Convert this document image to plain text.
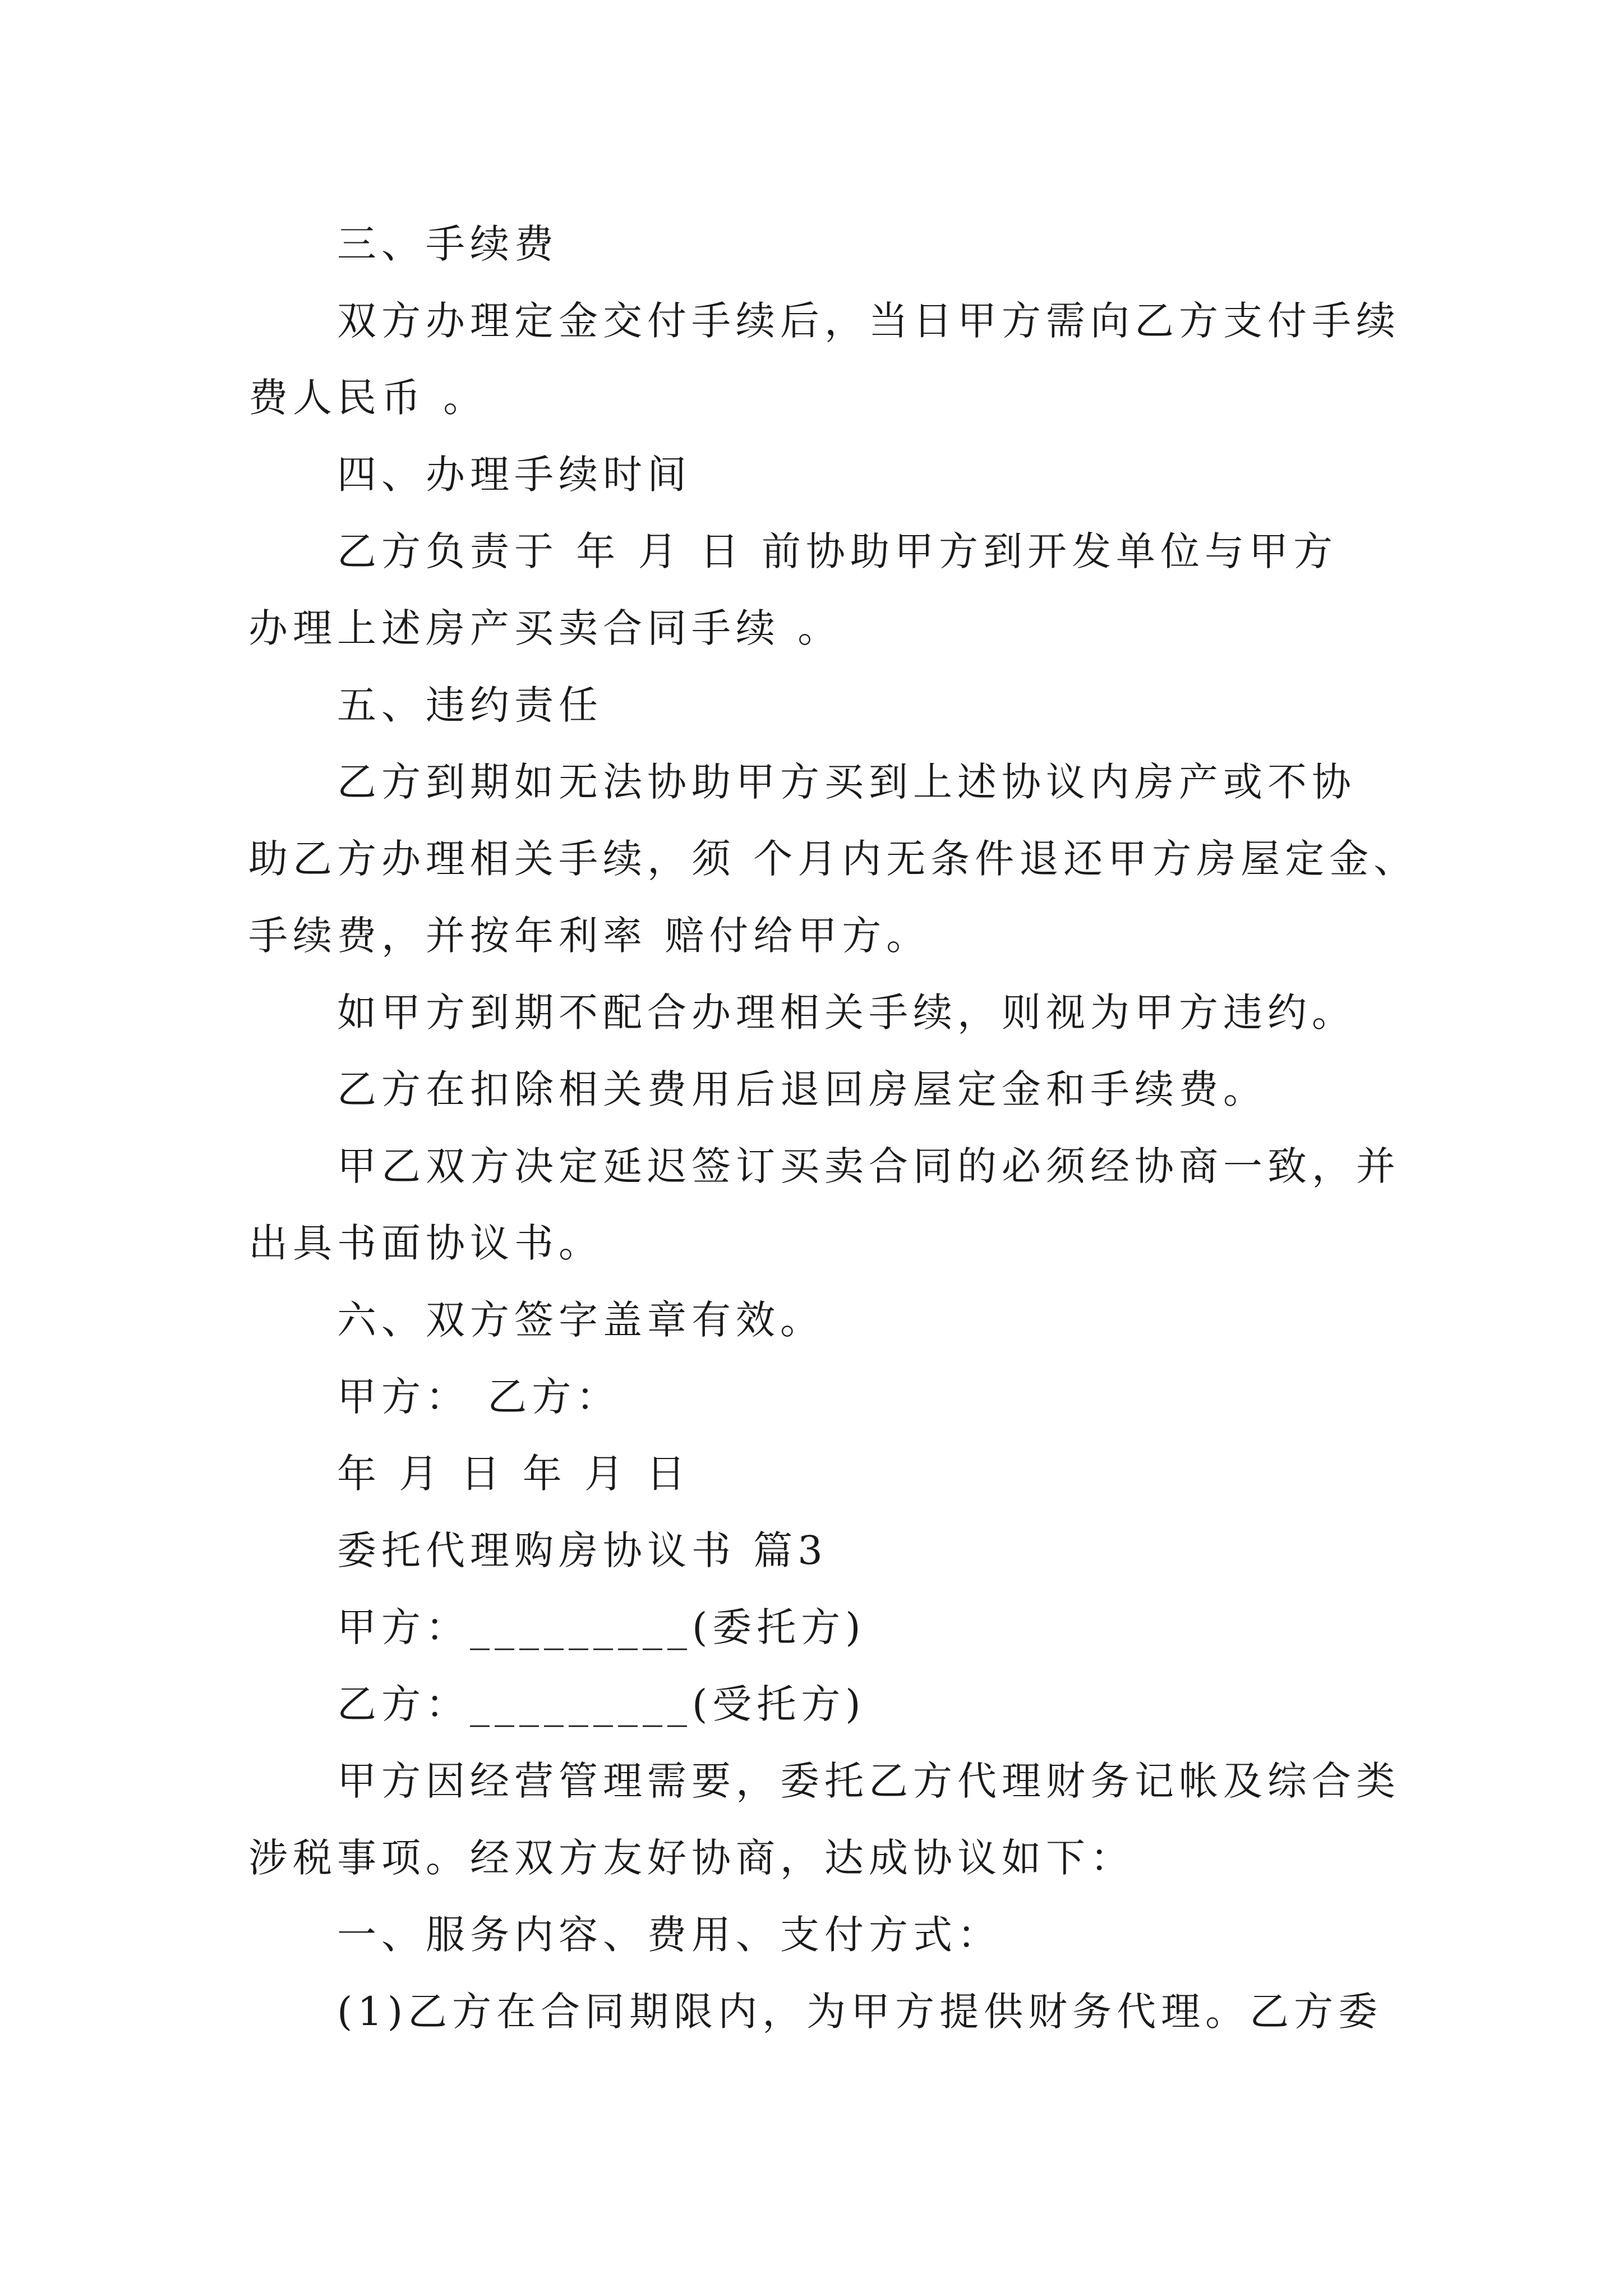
三、手续费
双方办理定金交付手续后，当日甲方需向乙方支付手续
费人民币 。
四、办理手续时间
乙方负责于 年 月 日 前协助甲方到开发单位与甲方
办理上述房产买卖合同手续 。
五、违约责任
乙方到期如无法协助甲方买到上述协议内房产或不协
助乙方办理相关手续，须 个月内无条件退还甲方房屋定金、
手续费，并按年利率 赔付给甲方。
如甲方到期不配合办理相关手续，则视为甲方违约。
乙方在扣除相关费用后退回房屋定金和手续费。
甲乙双方决定延迟签订买卖合同的必须经协商一致，并
出具书面协议书。
六、双方签字盖章有效。
甲方： 乙方：
年 月 日 年 月 日
委托代理购房协议书 篇3
甲方：_________(委托方)
乙方：_________(受托方)
甲方因经营管理需要，委托乙方代理财务记帐及综合类
涉税事项。经双方友好协商，达成协议如下：
一、服务内容、费用、支付方式：
(1)乙方在合同期限内，为甲方提供财务代理。乙方委
